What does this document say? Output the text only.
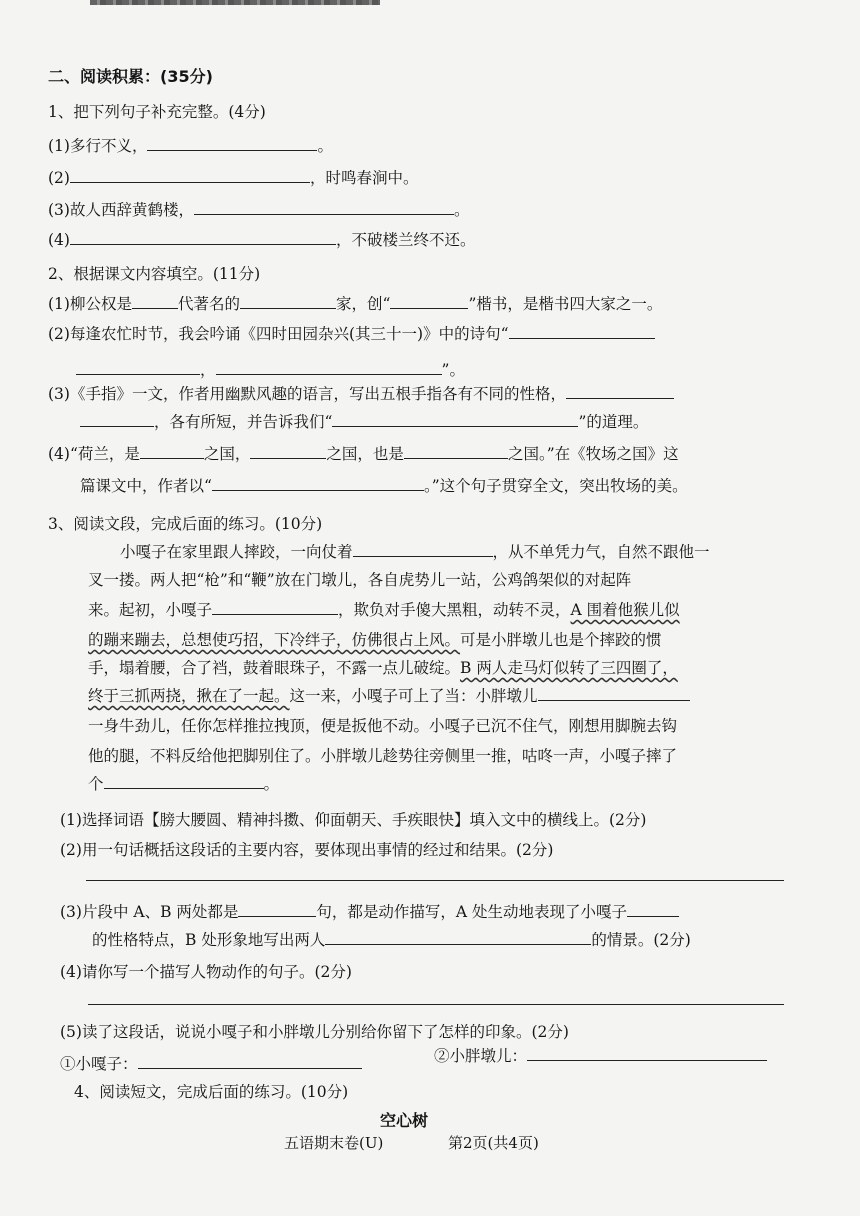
二、阅读积累：(35分)
1、把下列句子补充完整。(4分)
(1)多行不义，	。
(2)	，时鸣春涧中。
(3)故人西辞黄鹤楼，	。
(4)	，不破楼兰终不还。
2、根据课文内容填空。(11分)
(1)柳公权是	代著名的	家，创“	”楷书，是楷书四大家之一。
(2)每逢农忙时节，我会吟诵《四时田园杂兴(其三十一)》中的诗句“
，	”。
(3)《手指》一文，作者用幽默风趣的语言，写出五根手指各有不同的性格，
，各有所短，并告诉我们“	”的道理。
(4)“荷兰，是	之国，	之国，也是	之国。”在《牧场之国》这
篇课文中，作者以“	。”这个句子贯穿全文，突出牧场的美。
3、阅读文段，完成后面的练习。(10分)
小嘎子在家里跟人摔跤，一向仗着	，从不单凭力气，自然不跟他一
叉一搂。两人把“枪”和“鞭”放在门墩儿，各自虎势儿一站，公鸡鸽架似的对起阵
来。起初，小嘎子	，欺负对手傻大黑粗，动转不灵，A 围着他猴儿似
的蹦来蹦去，总想使巧招，下冷绊子，仿佛很占上风。可是小胖墩儿也是个摔跤的惯
手，塌着腰，合了裆，鼓着眼珠子，不露一点儿破绽。B 两人走马灯似转了三四圈了，
终于三抓两挠，揪在了一起。这一来，小嘎子可上了当：小胖墩儿
一身牛劲儿，任你怎样推拉拽顶，便是扳他不动。小嘎子已沉不住气，刚想用脚腕去钩
他的腿，不料反给他把脚别住了。小胖墩儿趁势往旁侧里一推，咕咚一声，小嘎子摔了
个	。
(1)选择词语【膀大腰圆、精神抖擞、仰面朝天、手疾眼快】填入文中的横线上。(2分)
(2)用一句话概括这段话的主要内容，要体现出事情的经过和结果。(2分)
(3)片段中 A、B 两处都是	句，都是动作描写，A 处生动地表现了小嘎子
的性格特点，B 处形象地写出两人	的情景。(2分)
(4)请你写一个描写人物动作的句子。(2分)
(5)读了这段话，说说小嘎子和小胖墩儿分别给你留下了怎样的印象。(2分)
①小嘎子：	②小胖墩儿：
4、阅读短文，完成后面的练习。(10分)
空心树
五语期末卷(U)	第2页(共4页)
